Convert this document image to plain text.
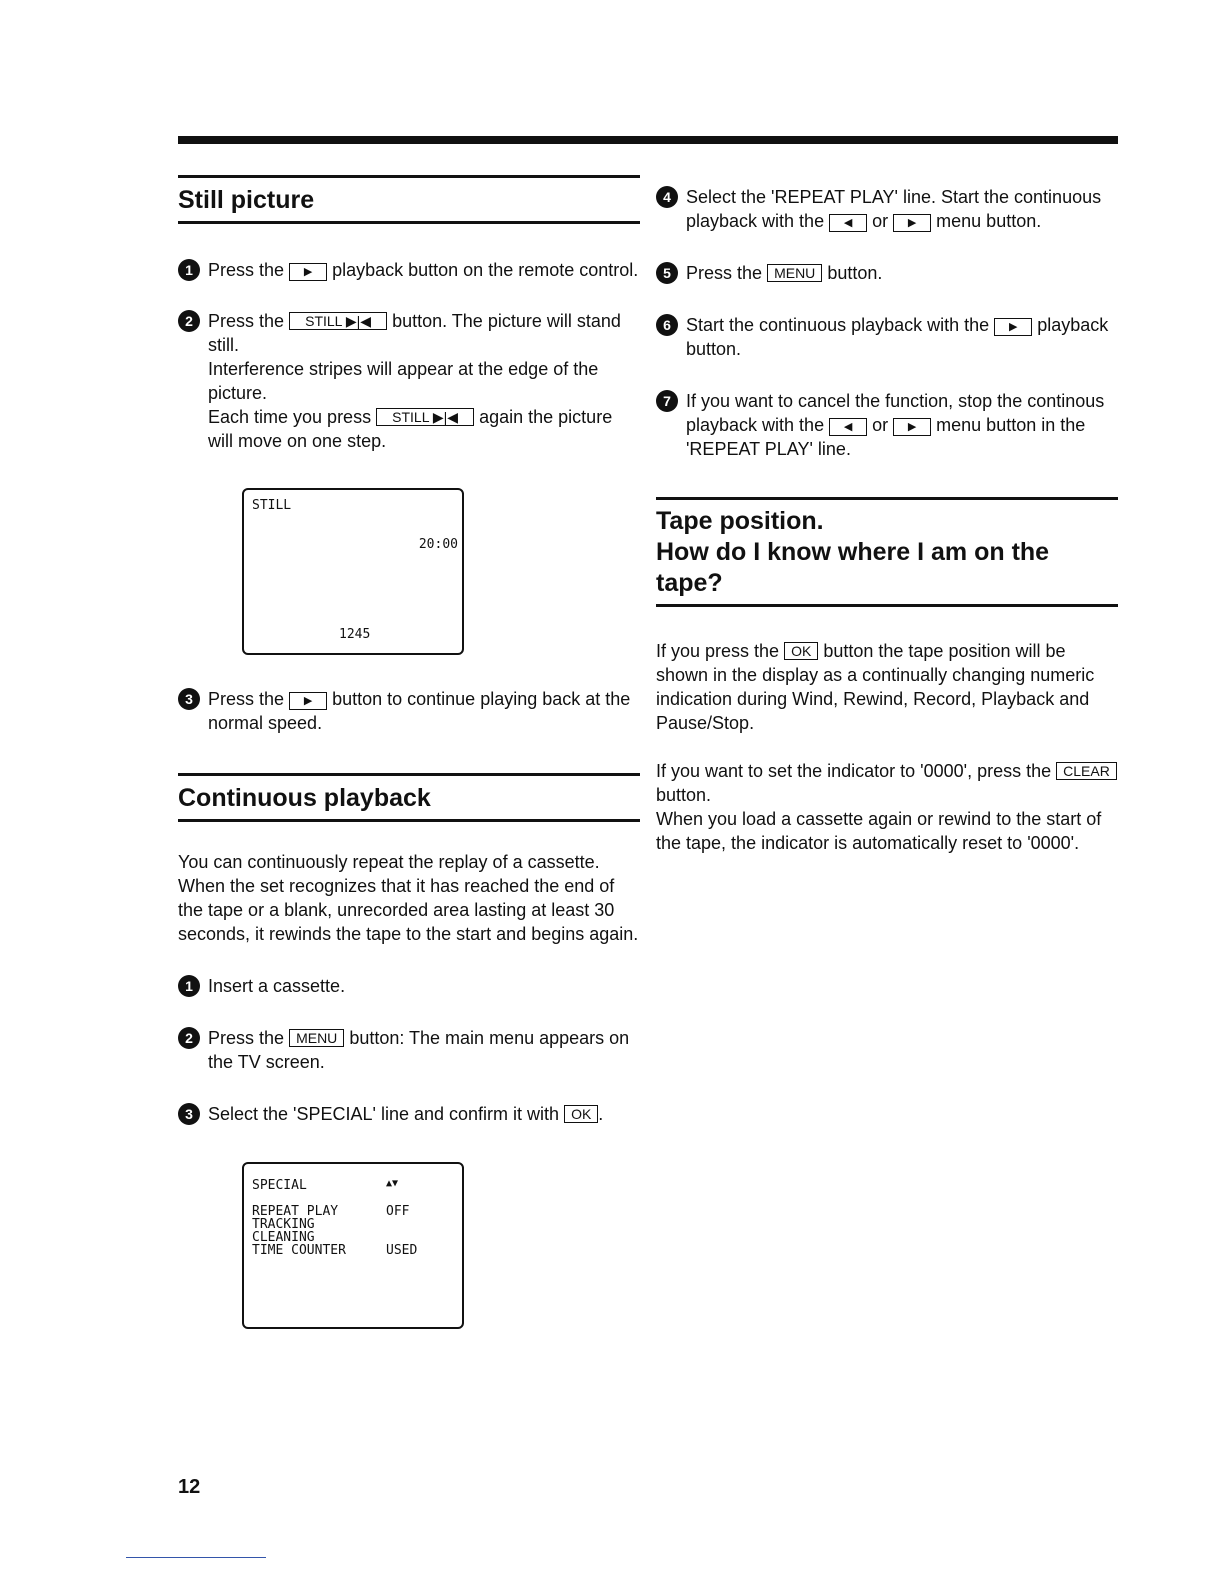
Still picture
1 Press the ▶ playback button on the remote control.
2 Press the STILL ▶|◀ button. The picture will stand still.
Interference stripes will appear at the edge of the picture.
Each time you press STILL ▶|◀ again the picture will move on one step.
STILL
20:00
1245
3 Press the ▶ button to continue playing back at the normal speed.
Continuous playback

You can continuously repeat the replay of a cassette. When the set recognizes that it has reached the end of the tape or a blank, unrecorded area lasting at least 30 seconds, it rewinds the tape to the start and begins again.

1 Insert a cassette.
2 Press the MENU button: The main menu appears on the TV screen.
3 Select the 'SPECIAL' line and confirm it with OK .
SPECIAL	▲▼
REPEAT PLAY	OFF
TRACKING
CLEANING
TIME COUNTER	USED
4 Select the 'REPEAT PLAY' line. Start the continuous playback with the ◀ or ▶ menu button.
5 Press the MENU button.
6 Start the continuous playback with the ▶ playback button.
7 If you want to cancel the function, stop the continous playback with the ◀ or ▶ menu button in the 'REPEAT PLAY' line.
Tape position.
How do I know where I am on the tape?

If you press the OK button the tape position will be shown in the display as a continually changing numeric indication during Wind, Rewind, Record, Playback and Pause/Stop.

If you want to set the indicator to '0000', press the CLEAR button.

When you load a cassette again or rewind to the start of the tape, the indicator is automatically reset to '0000'.

12
